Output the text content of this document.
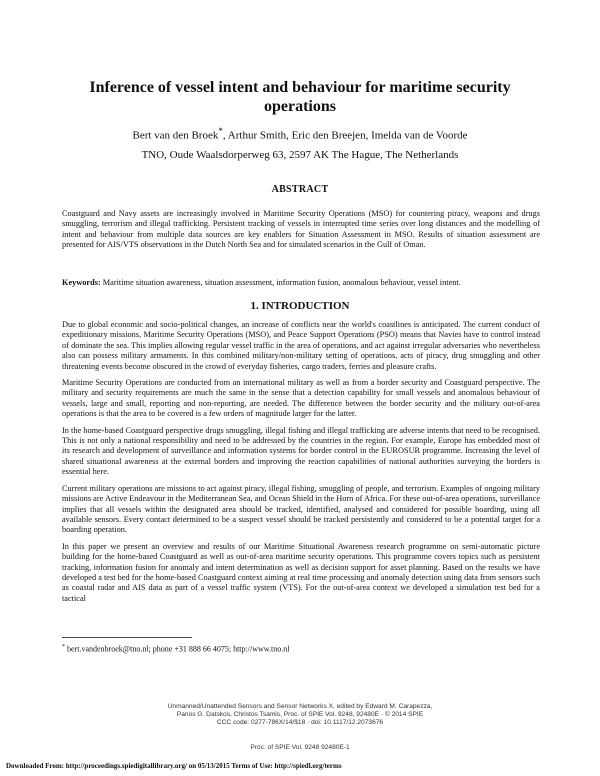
Inference of vessel intent and behaviour for maritime security operations
Bert van den Broek*, Arthur Smith, Eric den Breejen, Imelda van de Voorde
TNO, Oude Waalsdorperweg 63, 2597 AK The Hague, The Netherlands
ABSTRACT
Coastguard and Navy assets are increasingly involved in Maritime Security Operations (MSO) for countering piracy, weapons and drugs smuggling, terrorism and illegal trafficking. Persistent tracking of vessels in interrupted time series over long distances and the modelling of intent and behaviour from multiple data sources are key enablers for Situation Assessment in MSO. Results of situation assessment are presented for AIS/VTS observations in the Dutch North Sea and for simulated scenarios in the Gulf of Oman.
Keywords: Maritime situation awareness, situation assessment, information fusion, anomalous behaviour, vessel intent.
1. INTRODUCTION

Due to global economic and socio-political changes, an increase of conflicts near the world's coastlines is anticipated. The current conduct of expeditionary missions, Maritime Security Operations (MSO), and Peace Support Operations (PSO) means that Navies have to control instead of dominate the sea. This implies allowing regular vessel traffic in the area of operations, and act against irregular adversaries who nevertheless also can possess military armaments. In this combined military/non-military setting of operations, acts of piracy, drug smuggling and other threatening events become obscured in the crowd of everyday fisheries, cargo traders, ferries and pleasure crafts.

Maritime Security Operations are conducted from an international military as well as from a border security and Coastguard perspective. The military and security requirements are much the same in the sense that a detection capability for small vessels and anomalous behaviour of vessels, large and small, reporting and non-reporting, are needed. The difference between the border security and the military out-of-area operations is that the area to be covered is a few orders of magnitude larger for the latter.

In the home-based Coastguard perspective drugs smuggling, illegal fishing and illegal trafficking are adverse intents that need to be recognised. This is not only a national responsibility and need to be addressed by the countries in the region. For example, Europe has embedded most of its research and development of surveillance and information systems for border control in the EUROSUR programme. Increasing the level of shared situational awareness at the external borders and improving the reaction capabilities of national authorities surveying the borders is essential here.

Current military operations are missions to act against piracy, illegal fishing, smuggling of people, and terrorism. Examples of ongoing military missions are Active Endeavour in the Mediterranean Sea, and Ocean Shield in the Horn of Africa. For these out-of-area operations, surveillance implies that all vessels within the designated area should be tracked, identified, analysed and considered for possible boarding, using all available sensors. Every contact determined to be a suspect vessel should be tracked persistently and considered to be a potential target for a boarding operation.

In this paper we present an overview and results of our Maritime Situational Awareness research programme on semi-automatic picture building for the home-based Coastguard as well as out-of-area maritime security operations. This programme covers topics such as persistent tracking, information fusion for anomaly and intent determination as well as decision support for asset planning. Based on the results we have developed a test bed for the home-based Coastguard context aiming at real time processing and anomaly detection using data from sensors such as coastal radar and AIS data as part of a vessel traffic system (VTS). For the out-of-area context we developed a simulation test bed for a tactical

* bert.vandenbroek@tno.nl; phone +31 888 66 4075; http://www.tno.nl
Unmanned/Unattended Sensors and Sensor Networks X, edited by Edward M. Carapezza,
Panos G. Datskos, Christos Tsamis, Proc. of SPIE Vol. 9248, 92480E · © 2014 SPIE
CCC code: 0277-786X/14/$18 · doi: 10.1117/12.2073676
Proc. of SPIE Vol. 9248 92480E-1
Downloaded From: http://proceedings.spiedigitallibrary.org/ on 05/13/2015 Terms of Use: http://spiedl.org/terms
